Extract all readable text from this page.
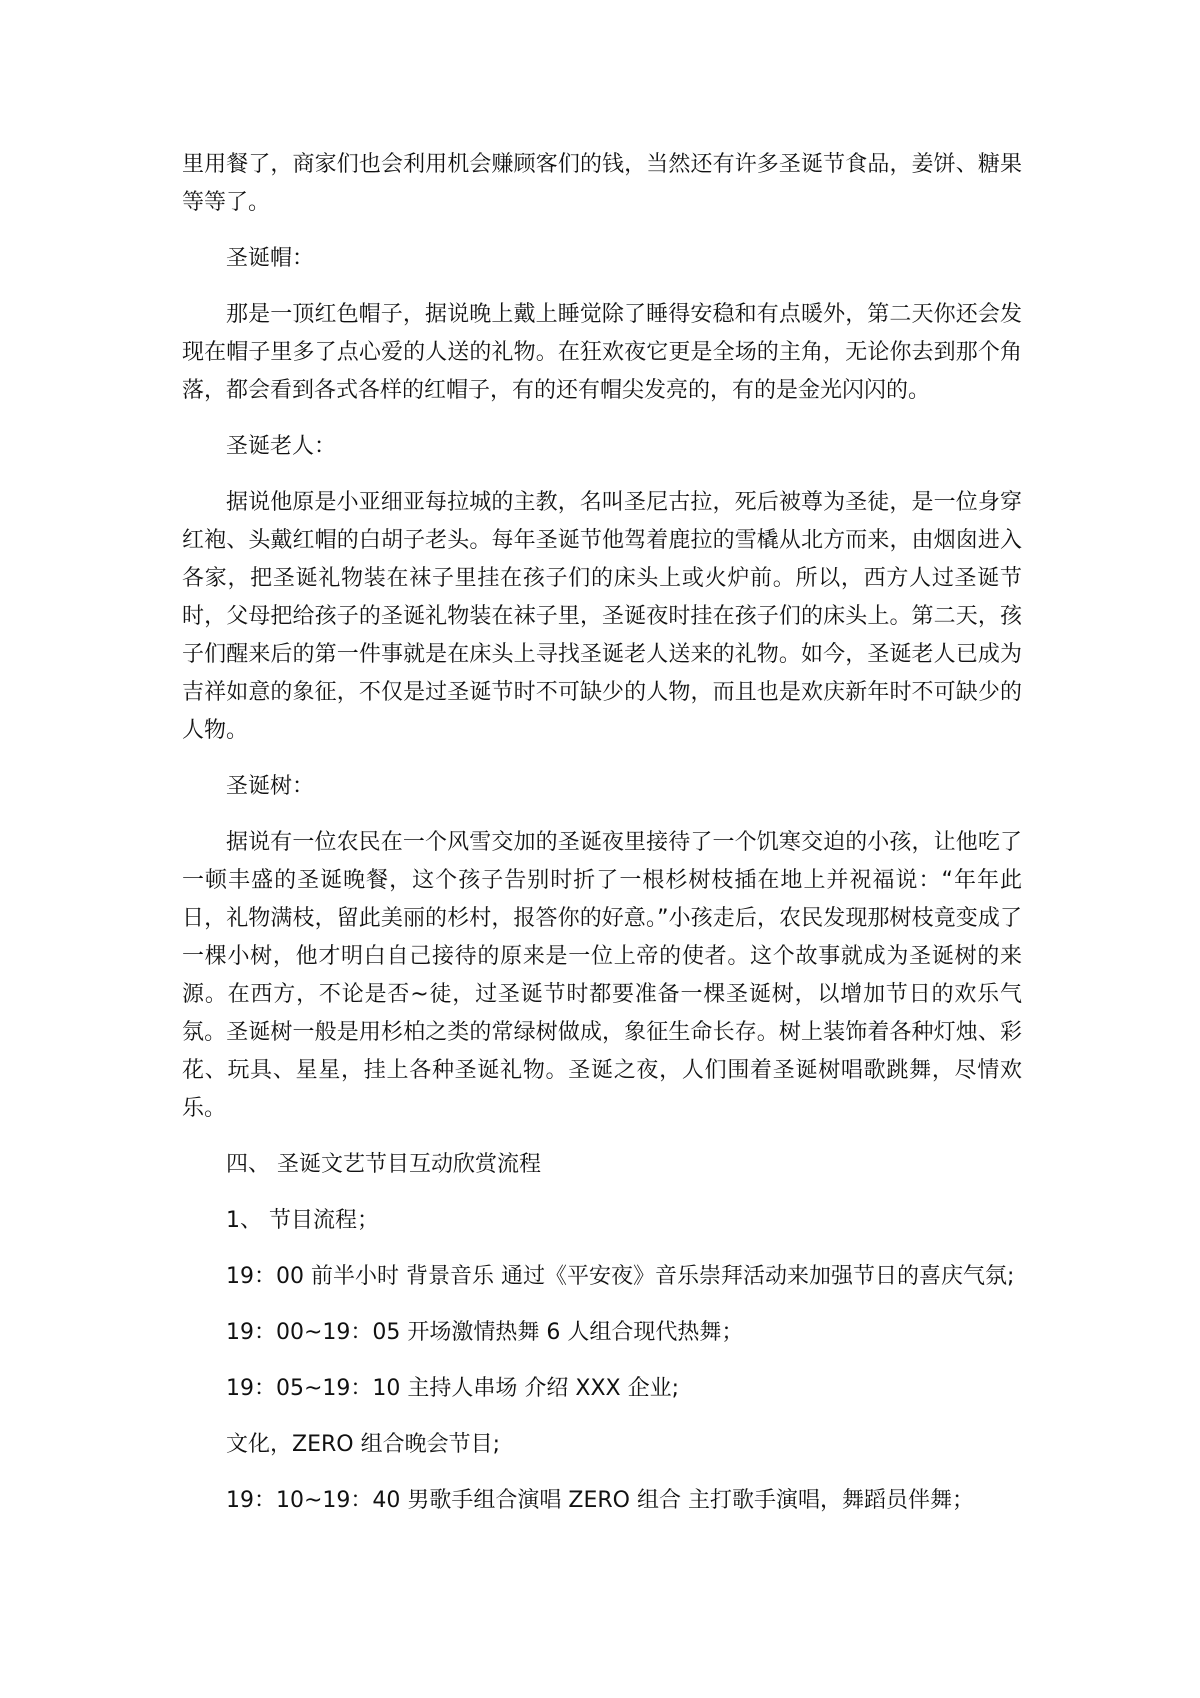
里用餐了，商家们也会利用机会赚顾客们的钱，当然还有许多圣诞节食品，姜饼、糖果等等了。

圣诞帽：

那是一顶红色帽子，据说晚上戴上睡觉除了睡得安稳和有点暖外，第二天你还会发现在帽子里多了点心爱的人送的礼物。在狂欢夜它更是全场的主角，无论你去到那个角落，都会看到各式各样的红帽子，有的还有帽尖发亮的，有的是金光闪闪的。

圣诞老人：

据说他原是小亚细亚每拉城的主教，名叫圣尼古拉，死后被尊为圣徒，是一位身穿红袍、头戴红帽的白胡子老头。每年圣诞节他驾着鹿拉的雪橇从北方而来，由烟囱进入各家，把圣诞礼物装在袜子里挂在孩子们的床头上或火炉前。所以，西方人过圣诞节时，父母把给孩子的圣诞礼物装在袜子里，圣诞夜时挂在孩子们的床头上。第二天，孩子们醒来后的第一件事就是在床头上寻找圣诞老人送来的礼物。如今，圣诞老人已成为吉祥如意的象征，不仅是过圣诞节时不可缺少的人物，而且也是欢庆新年时不可缺少的人物。

圣诞树：

据说有一位农民在一个风雪交加的圣诞夜里接待了一个饥寒交迫的小孩，让他吃了一顿丰盛的圣诞晚餐，这个孩子告别时折了一根杉树枝插在地上并祝福说：“年年此日，礼物满枝，留此美丽的杉村，报答你的好意。”小孩走后，农民发现那树枝竟变成了一棵小树，他才明白自己接待的原来是一位上帝的使者。这个故事就成为圣诞树的来源。在西方，不论是否~徒，过圣诞节时都要准备一棵圣诞树，以增加节日的欢乐气氛。圣诞树一般是用杉柏之类的常绿树做成，象征生命长存。树上装饰着各种灯烛、彩花、玩具、星星，挂上各种圣诞礼物。圣诞之夜，人们围着圣诞树唱歌跳舞，尽情欢乐。

四、 圣诞文艺节目互动欣赏流程

1、 节目流程；

19：00 前半小时 背景音乐 通过《平安夜》音乐崇拜活动来加强节日的喜庆气氛;

19：00~19：05 开场激情热舞 6 人组合现代热舞；

19：05~19：10 主持人串场 介绍 XXX 企业;

文化，ZERO 组合晚会节目;

19：10~19：40 男歌手组合演唱 ZERO 组合 主打歌手演唱，舞蹈员伴舞；
